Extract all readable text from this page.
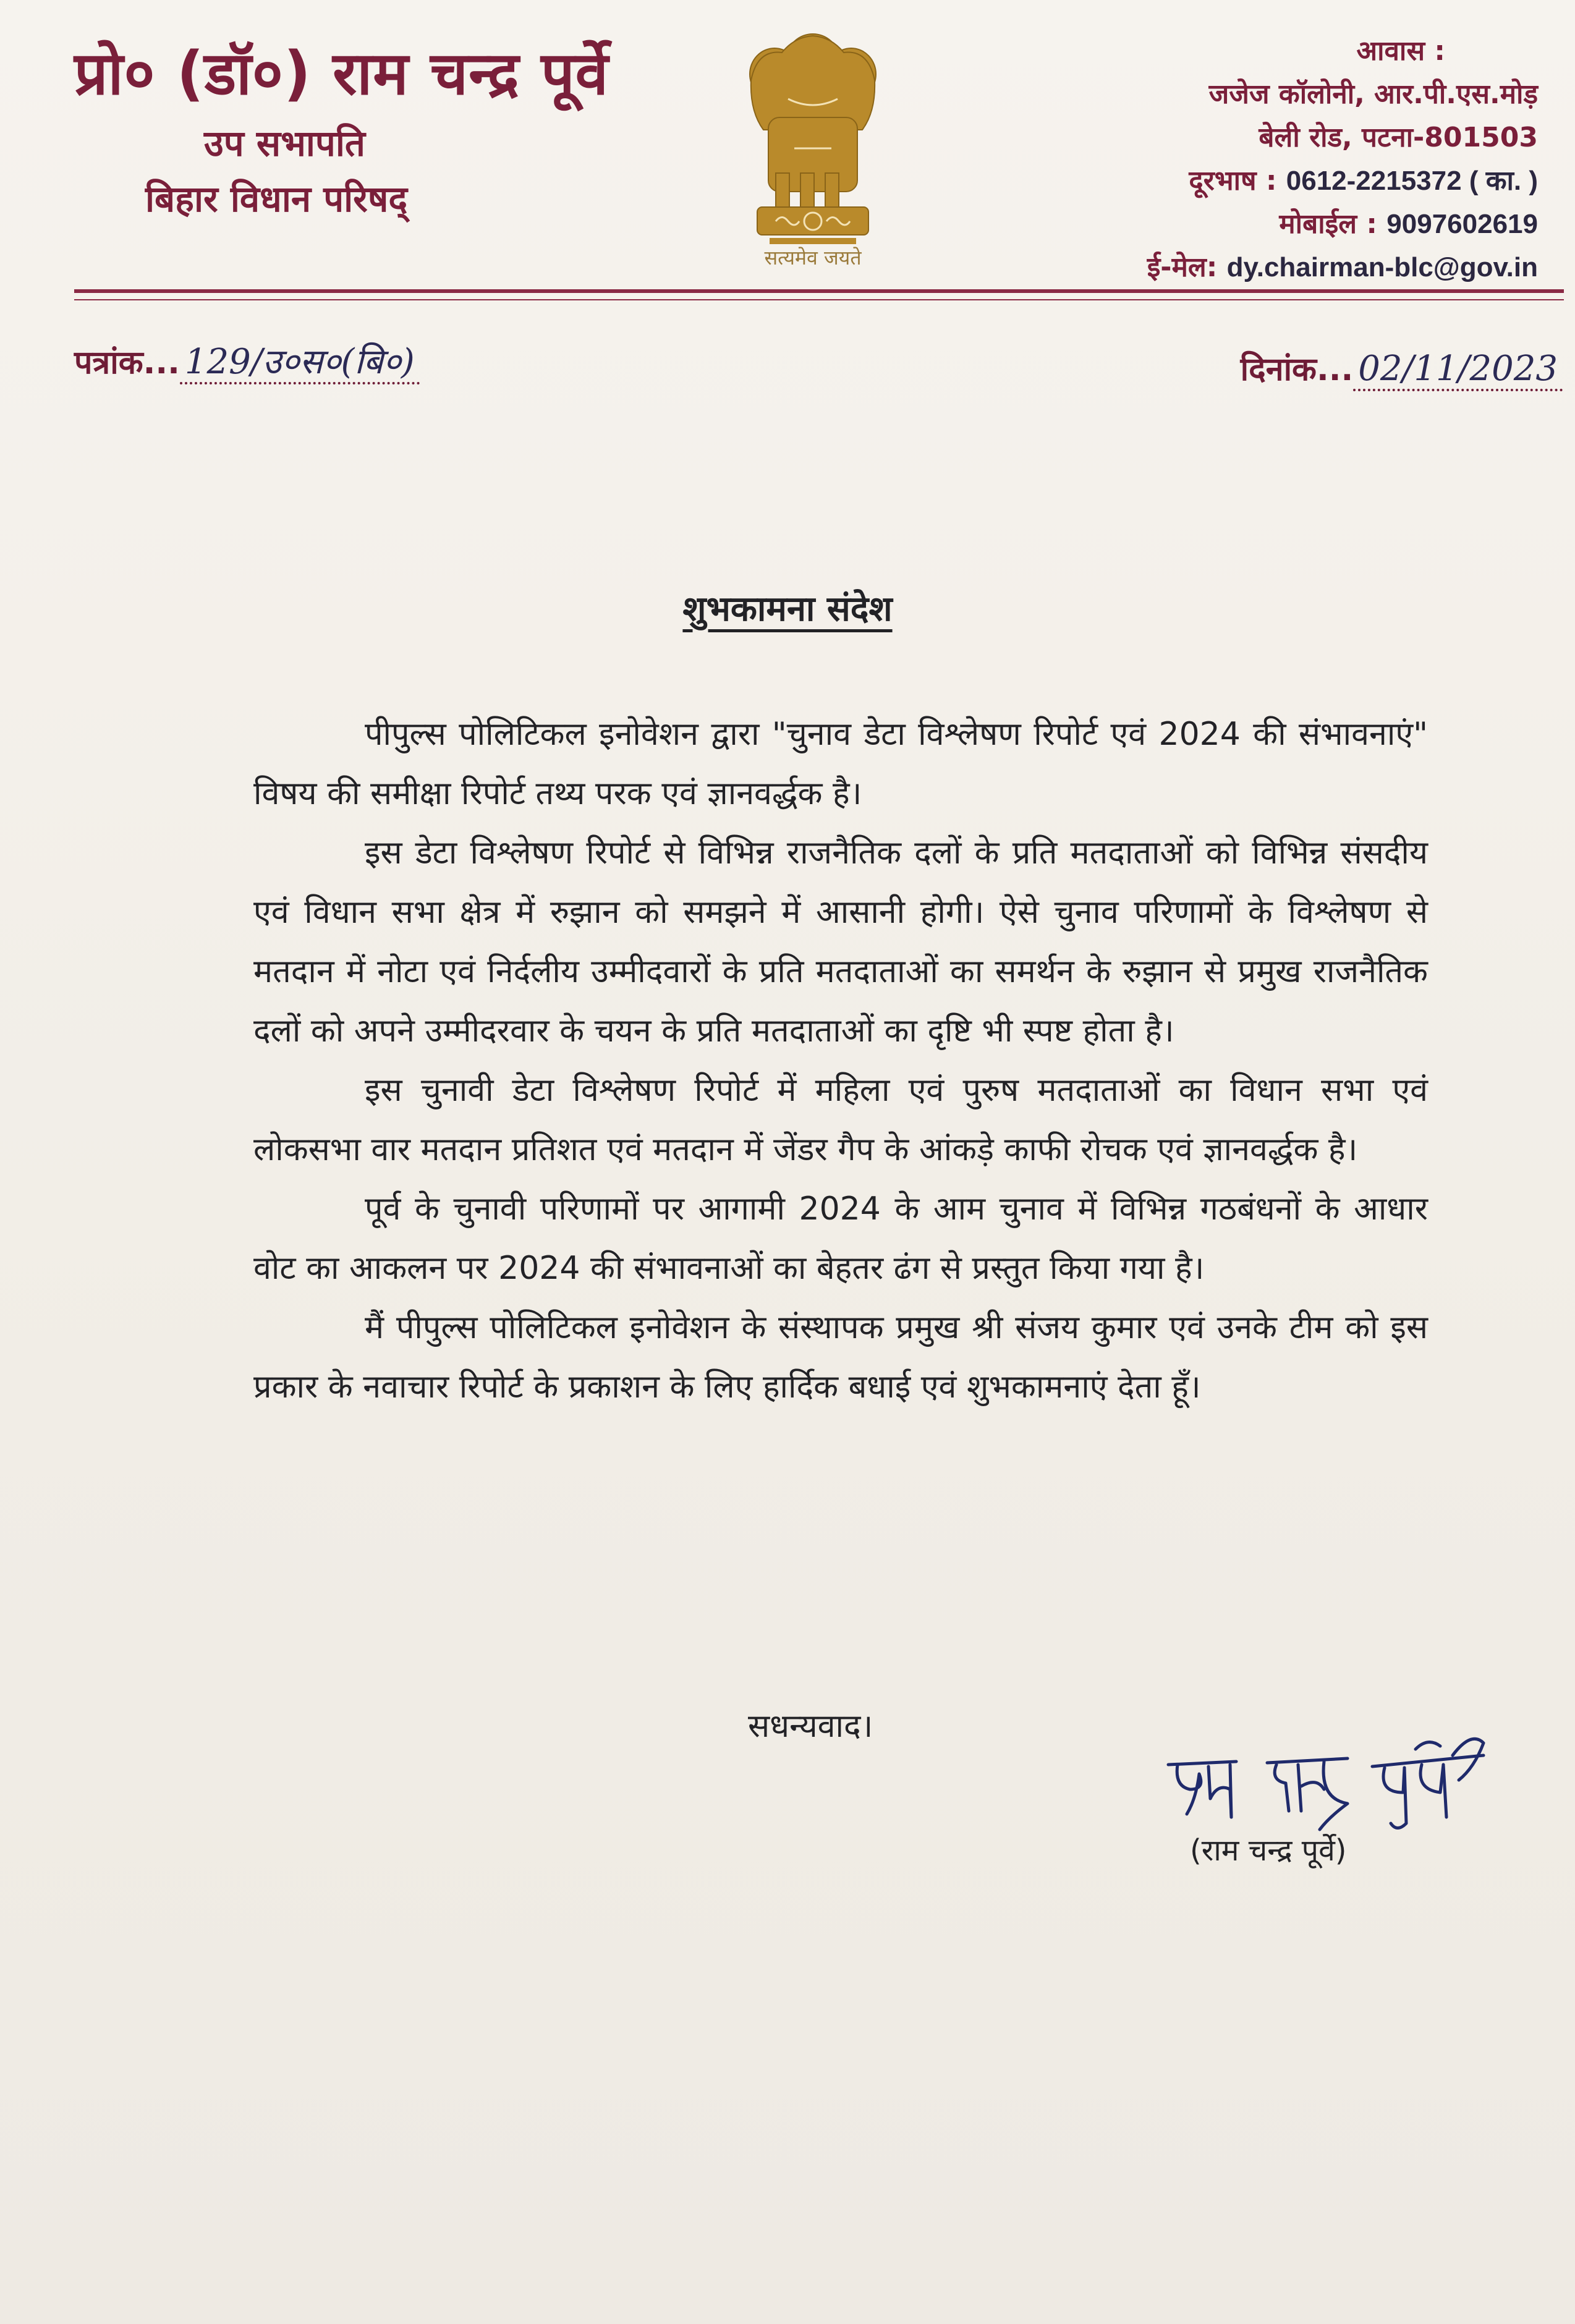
प्रो० (डॉ०) राम चन्द्र पूर्वे
उप सभापति
बिहार विधान परिषद्
सत्यमेव जयते
आवास :
जजेज कॉलोनी, आर.पी.एस.मोड़
बेली रोड, पटना-801503
दूरभाष : 0612-2215372 ( का. )
मोबाईल : 9097602619
ई-मेल: dy.chairman-blc@gov.in
पत्रांक... 129/उ०स०(बि०)	दिनांक... 02/11/2023
शुभकामना संदेश

पीपुल्स पोलिटिकल इनोवेशन द्वारा "चुनाव डेटा विश्लेषण रिपोर्ट एवं 2024 की संभावनाएं" विषय की समीक्षा रिपोर्ट तथ्य परक एवं ज्ञानवर्द्धक है।

इस डेटा विश्लेषण रिपोर्ट से विभिन्न राजनैतिक दलों के प्रति मतदाताओं को विभिन्न संसदीय एवं विधान सभा क्षेत्र में रुझान को समझने में आसानी होगी। ऐसे चुनाव परिणामों के विश्लेषण से मतदान में नोटा एवं निर्दलीय उम्मीदवारों के प्रति मतदाताओं का समर्थन के रुझान से प्रमुख राजनैतिक दलों को अपने उम्मीदरवार के चयन के प्रति मतदाताओं का दृष्टि भी स्पष्ट होता है।

इस चुनावी डेटा विश्लेषण रिपोर्ट में महिला एवं पुरुष मतदाताओं का विधान सभा एवं लोकसभा वार मतदान प्रतिशत एवं मतदान में जेंडर गैप के आंकड़े काफी रोचक एवं ज्ञानवर्द्धक है।

पूर्व के चुनावी परिणामों पर आगामी 2024 के आम चुनाव में विभिन्न गठबंधनों के आधार वोट का आकलन पर 2024 की संभावनाओं का बेहतर ढंग से प्रस्तुत किया गया है।

मैं पीपुल्स पोलिटिकल इनोवेशन के संस्थापक प्रमुख श्री संजय कुमार एवं उनके टीम को इस प्रकार के नवाचार रिपोर्ट के प्रकाशन के लिए हार्दिक बधाई एवं शुभकामनाएं देता हूँ।

सधन्यवाद।
(राम चन्द्र पूर्वे)
